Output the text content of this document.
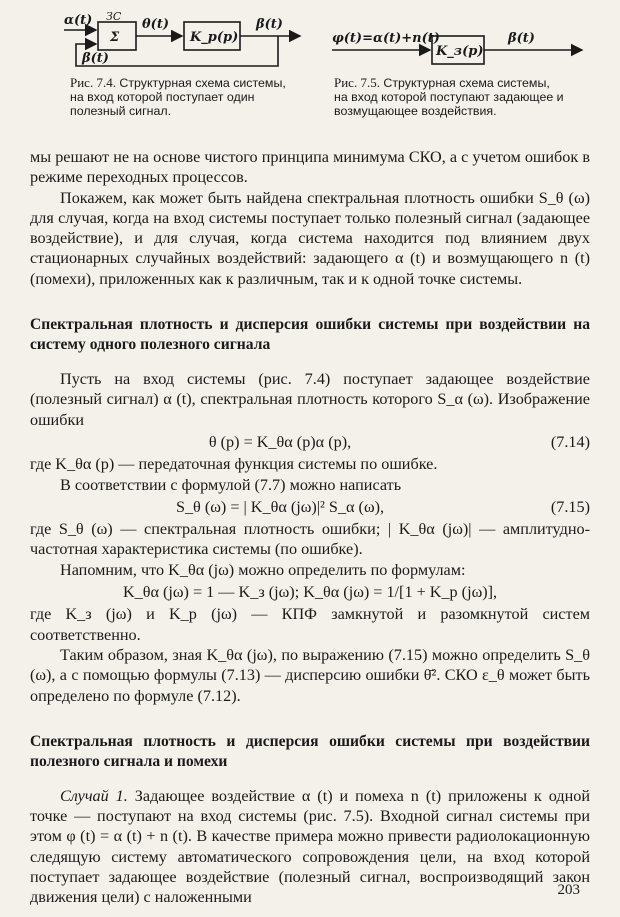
α(t) ЗС
Σ
θ(t)
K_p(p)
β(t)
β(t)
Рис. 7.4. Структурная схема системы, на вход которой поступает один полезный сигнал.
φ(t)=α(t)+n(t)
K_з(p)
β(t)
Рис. 7.5. Структурная схема системы, на вход которой поступают задающее и возмущающее воздействия.

мы решают не на основе чистого принципа минимума СКО, а с учетом ошибок в режиме переходных процессов.

Покажем, как может быть найдена спектральная плотность ошибки S_θ (ω) для случая, когда на вход системы поступает только полезный сигнал (задающее воздействие), и для случая, когда система находится под влиянием двух стационарных случайных воздействий: задающего α (t) и возмущающего n (t) (помехи), приложенных как к различным, так и к одной точке системы.

Спектральная плотность и дисперсия ошибки системы при воздействии на систему одного полезного сигнала

Пусть на вход системы (рис. 7.4) поступает задающее воздействие (полезный сигнал) α (t), спектральная плотность которого S_α (ω). Изображение ошибки

θ (p) = K_θα (p)α (p),	(7.14)

где K_θα (p) — передаточная функция системы по ошибке.

В соответствии с формулой (7.7) можно написать

S_θ (ω) = | K_θα (jω)|² S_α (ω),	(7.15)

где S_θ (ω) — спектральная плотность ошибки; | K_θα (jω)| — амплитудно-частотная характеристика системы (по ошибке).

Напомним, что K_θα (jω) можно определить по формулам:

K_θα (jω) = 1 — K_з (jω); K_θα (jω) = 1/[1 + K_p (jω)],

где K_з (jω) и K_p (jω) — КПФ замкнутой и разомкнутой систем соответственно.

Таким образом, зная K_θα (jω), по выражению (7.15) можно определить S_θ (ω), а с помощью формулы (7.13) — дисперсию ошибки θ̄². СКО ε_θ может быть определено по формуле (7.12).

Спектральная плотность и дисперсия ошибки системы при воздействии полезного сигнала и помехи

Случай 1. Задающее воздействие α (t) и помеха n (t) приложены к одной точке — поступают на вход системы (рис. 7.5). Входной сигнал системы при этом φ (t) = α (t) + n (t). В качестве примера можно привести радиолокационную следящую систему автоматического сопровождения цели, на вход которой поступает задающее воздействие (полезный сигнал, воспроизводящий закон движения цели) с наложенными	203
